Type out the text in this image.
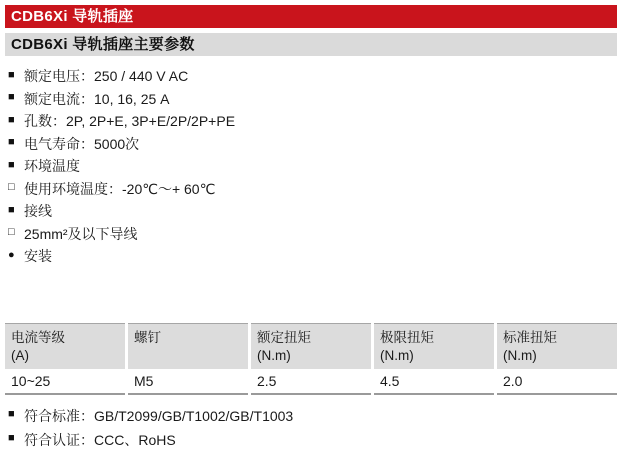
CDB6Xi 导轨插座
CDB6Xi 导轨插座主要参数
■ 额定电压：250 / 440 V AC
■ 额定电流：10, 16, 25 A
■ 孔数：2P, 2P+E, 3P+E/2P/2P+PE
■ 电气寿命：5000次
■ 环境温度
□ 使用环境温度：-20℃～+ 60℃
■ 接线
□ 25mm²及以下导线
● 安装
电流等级
(A)
10~25
螺钉
M5
额定扭矩
(N.m)
2.5
极限扭矩
(N.m)
4.5
标准扭矩
(N.m)
2.0
■ 符合标准：GB/T2099/GB/T1002/GB/T1003
■ 符合认证：CCC、RoHS
